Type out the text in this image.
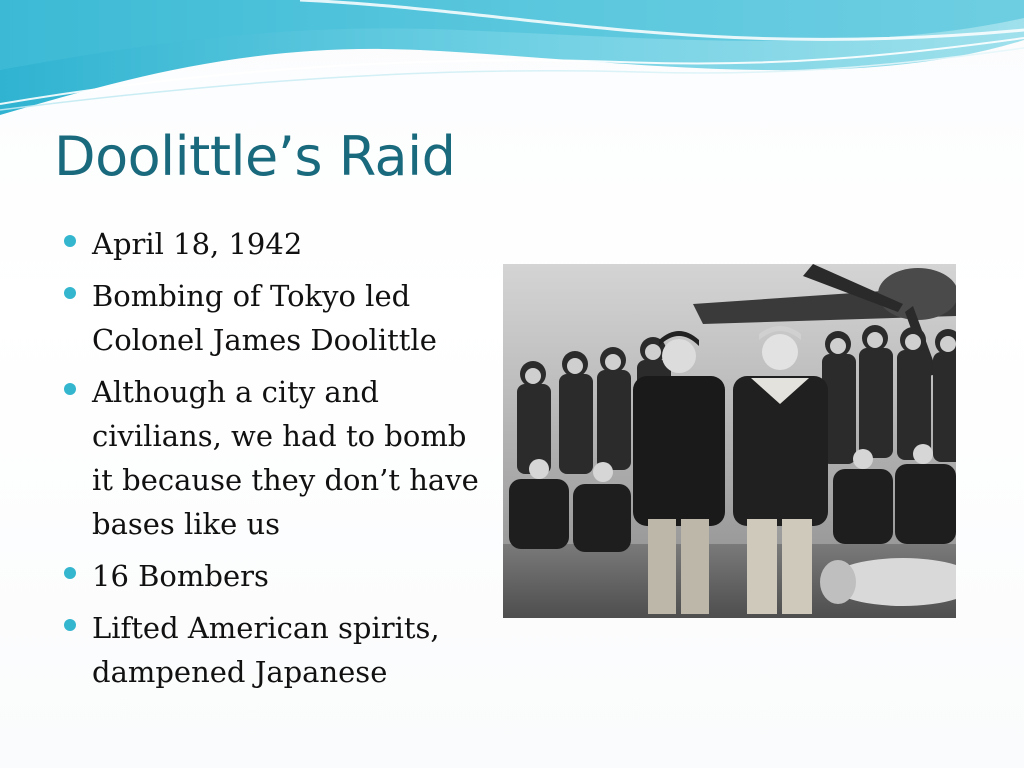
Doolittle’s Raid
April 18, 1942
Bombing of Tokyo led Colonel James Doolittle
Although a city and civilians, we had to bomb it because they don’t have bases like us
16 Bombers
Lifted American spirits, dampened Japanese
